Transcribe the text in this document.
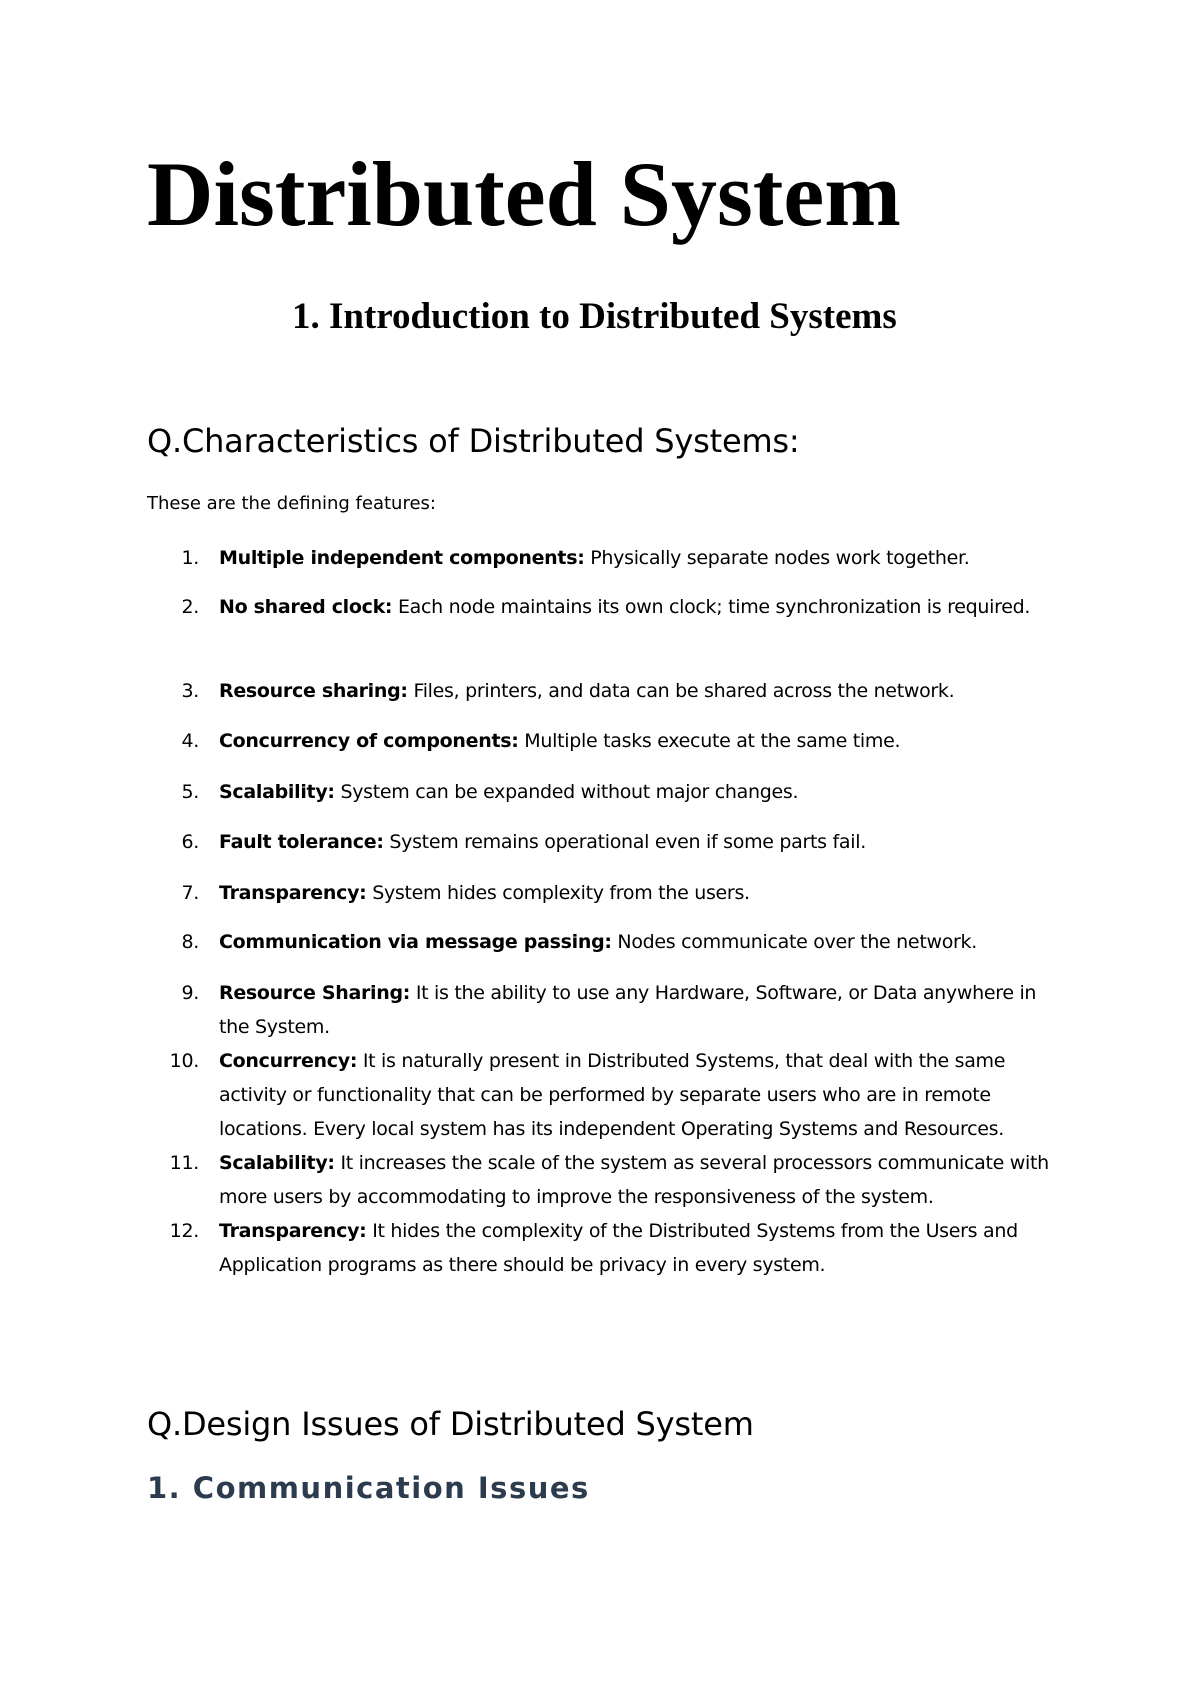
Distributed System
1. Introduction to Distributed Systems
Q.Characteristics of Distributed Systems:

These are the defining features:

1. Multiple independent components: Physically separate nodes work together.
2. No shared clock: Each node maintains its own clock; time synchronization is required.
3. Resource sharing: Files, printers, and data can be shared across the network.
4. Concurrency of components: Multiple tasks execute at the same time.
5. Scalability: System can be expanded without major changes.
6. Fault tolerance: System remains operational even if some parts fail.
7. Transparency: System hides complexity from the users.
8. Communication via message passing: Nodes communicate over the network.
9. Resource Sharing: It is the ability to use any Hardware, Software, or Data anywhere in the System.
10. Concurrency: It is naturally present in Distributed Systems, that deal with the same activity or functionality that can be performed by separate users who are in remote locations. Every local system has its independent Operating Systems and Resources.
11. Scalability: It increases the scale of the system as several processors communicate with more users by accommodating to improve the responsiveness of the system.
12. Transparency: It hides the complexity of the Distributed Systems from the Users and Application programs as there should be privacy in every system.
Q.Design Issues of Distributed System
1. Communication Issues
